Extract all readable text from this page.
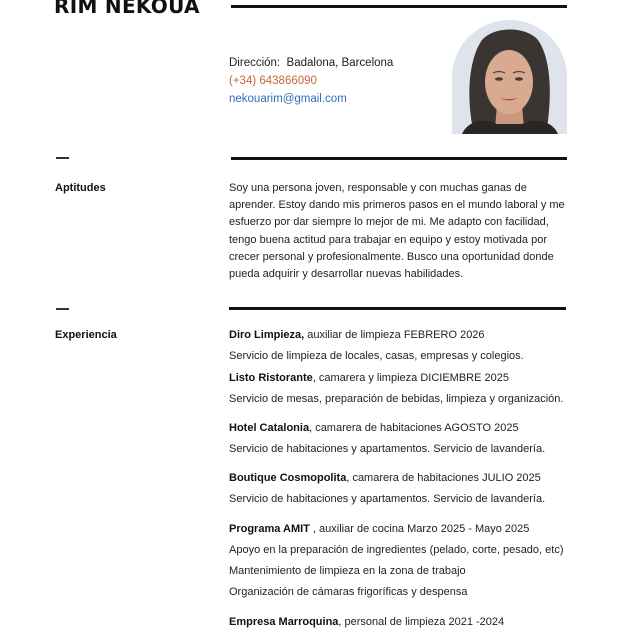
RIM NEKOUA
Dirección: Badalona, Barcelona
(+34) 643866090
nekouarim@gmail.com
Aptitudes	Soy una persona joven, responsable y con muchas ganas de aprender. Estoy dando mis primeros pasos en el mundo laboral y me esfuerzo por dar siempre lo mejor de mi. Me adapto con facilidad, tengo buena actitud para trabajar en equipo y estoy motivada por crecer personal y profesionalmente. Busco una oportunidad donde pueda adquirir y desarrollar nuevas habilidades.
Experiencia	Diro Limpieza, auxiliar de limpieza FEBRERO 2026
Servicio de limpieza de locales, casas, empresas y colegios.
Listo Ristorante, camarera y limpieza DICIEMBRE 2025
Servicio de mesas, preparación de bebidas, limpieza y organización.
Hotel Catalonia, camarera de habitaciones AGOSTO 2025
Servicio de habitaciones y apartamentos. Servicio de lavandería.
Boutique Cosmopolita, camarera de habitaciones JULIO 2025
Servicio de habitaciones y apartamentos. Servicio de lavandería.
Programa AMIT , auxiliar de cocina Marzo 2025 - Mayo 2025
Apoyo en la preparación de ingredientes (pelado, corte, pesado, etc)
Mantenimiento de limpieza en la zona de trabajo
Organización de cámaras frigoríficas y despensa
Empresa Marroquina, personal de limpieza 2021 -2024
